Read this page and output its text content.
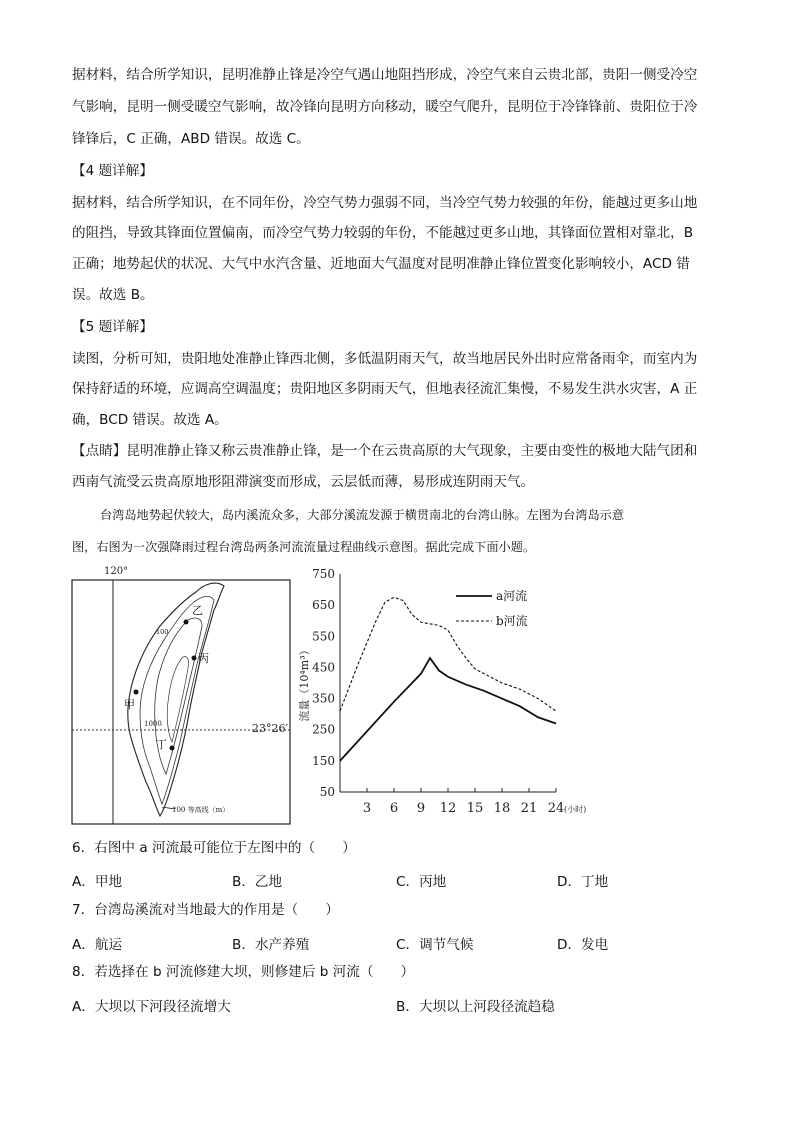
据材料，结合所学知识，昆明准静止锋是冷空气遇山地阻挡形成，冷空气来自云贵北部，贵阳一侧受冷空
气影响，昆明一侧受暖空气影响，故冷锋向昆明方向移动，暖空气爬升，昆明位于冷锋锋前、贵阳位于冷
锋锋后，C 正确，ABD 错误。故选 C。
【4 题详解】
据材料，结合所学知识，在不同年份，冷空气势力强弱不同，当冷空气势力较强的年份，能越过更多山地
的阻挡，导致其锋面位置偏南，而冷空气势力较弱的年份，不能越过更多山地，其锋面位置相对靠北，B
正确；地势起伏的状况、大气中水汽含量、近地面大气温度对昆明准静止锋位置变化影响较小，ACD 错
误。故选 B。
【5 题详解】
读图，分析可知，贵阳地处准静止锋西北侧，多低温阴雨天气，故当地居民外出时应常备雨伞，而室内为
保持舒适的环境，应调高空调温度；贵阳地区多阴雨天气，但地表径流汇集慢，不易发生洪水灾害，A 正
确，BCD 错误。故选 A。
【点睛】昆明准静止锋又称云贵准静止锋，是一个在云贵高原的大气现象，主要由变性的极地大陆气团和
西南气流受云贵高原地形阻滞演变而形成，云层低而薄，易形成连阴雨天气。
台湾岛地势起伏较大，岛内溪流众多，大部分溪流发源于横贯南北的台湾山脉。左图为台湾岛示意
图，右图为一次强降雨过程台湾岛两条河流流量过程曲线示意图。据此完成下面小题。
120°
100
1000
乙
丙
甲
丁
100 等高线（m）
23°26′
50
150
250
350
450
550
650
750
3 6 9 12 15 18 21 24 (小时)
流量（10⁴m³）
a河流
b河流
6．右图中 a 河流最可能位于左图中的（　　）
A．甲地	B．乙地	C．丙地	D．丁地
7．台湾岛溪流对当地最大的作用是（　　）
A．航运	B．水产养殖	C．调节气候	D．发电
8．若选择在 b 河流修建大坝，则修建后 b 河流（　　）
A．大坝以下河段径流增大	B．大坝以上河段径流趋稳
